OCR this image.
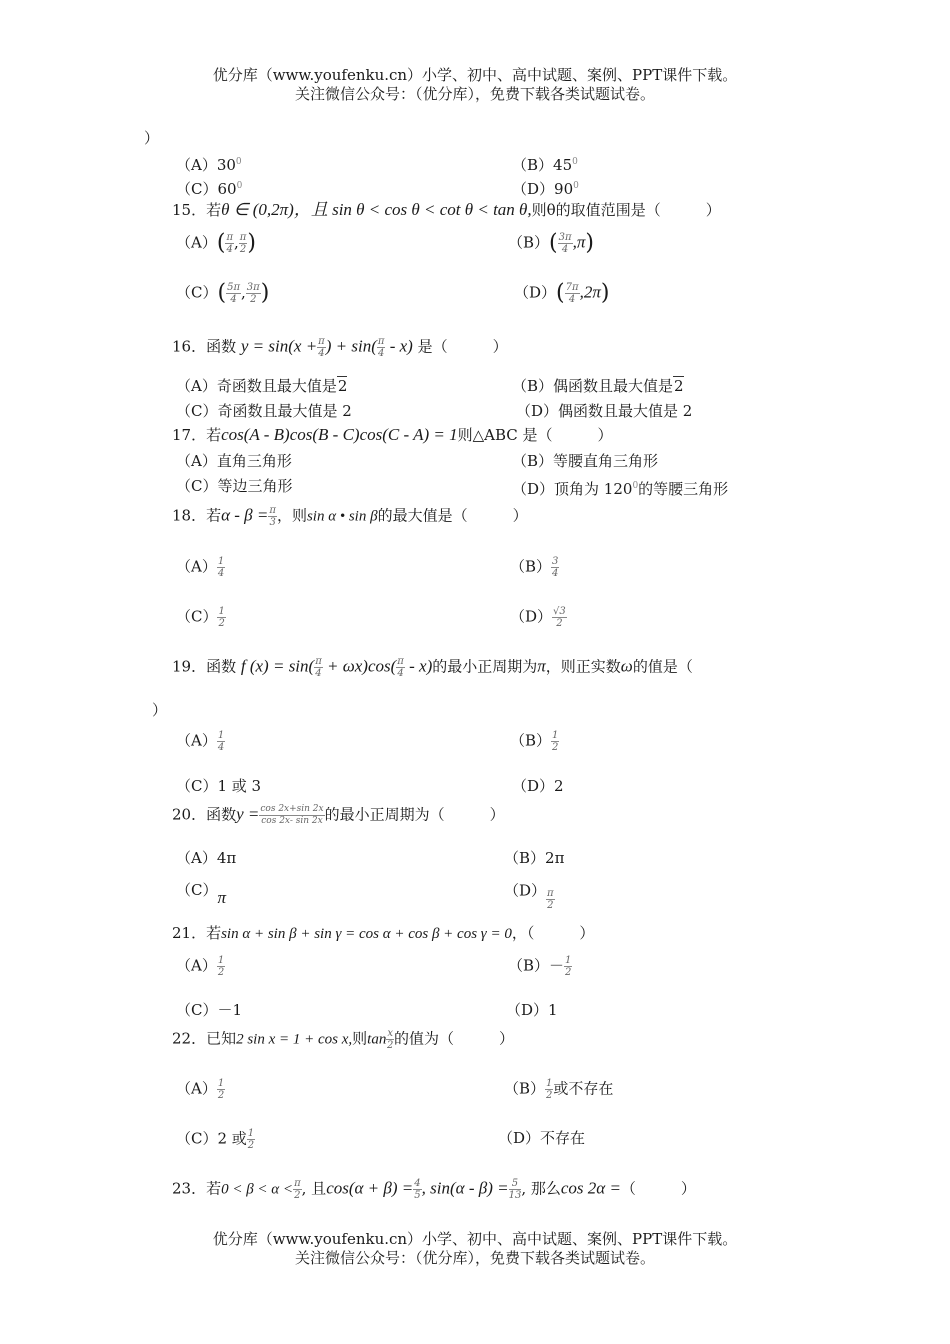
优分库（www.youfenku.cn）小学、初中、高中试题、案例、PPT课件下载。
关注微信公众号：（优分库），免费下载各类试题试卷。
）
$(A)30^0$	$(B)45^0$
$(C)60^0$	$(D)90^0$
15．若θ ∈ (0,2π)，且 sin θ < cos θ < cot θ < tan θ,则θ的取值范围是（　　　）
$(A)( \frac{\pi}{4}$ , $\frac{\pi}{2}$ )	$(B)( \frac{3\pi}{4} ,\pi)$
$(C)( \frac{5\pi}{4}$ , $\frac{3\pi}{2}$ )	$(D)( \frac{7\pi}{4} ,2\pi)$
16．函数 $y = \sin(x + \frac{\pi}{4}$ ) + $\sin( \frac{\pi}{4} - x)$ 是（　　　）
（A）奇函数且最大值是2	（B）偶函数且最大值是2
（C）奇函数且最大值是 2	（D）偶函数且最大值是 2
17．若cos(A - B)cos(B - C)cos(C - A) = 1则△ABC 是（　　　）
（A）直角三角形	（B）等腰直角三角形
（C）等边三角形	（D）顶角为 $120^0$的等腰三角形
18．若$\alpha - \beta = \frac{\pi}{3}$ ，则sin α • sin β的最大值是（　　　）
$(A) \frac{1}{4}$	$(B) \frac{3}{4}$
$(C) \frac{1}{2}$	$(D) \frac{√3}{2}$
19．函数 f $(x) = \sin( \frac{\pi}{4} + \omega x)\cos( \frac{\pi}{4} - x)$的最小正周期为π，则正实数ω的值是（
）
$(A) \frac{1}{4}$	$(B) \frac{1}{2}$
（C）1 或 3	（D）2
20．函数$y = \frac{\cos 2x+\sin 2x}{\cos 2x- \sin 2x}$ 的最小正周期为（　　　）
（A）4π	（B）2π
（C）π	$(D) \frac{\pi}{2}$
21．若sin α + sin β + sin γ = cos α + cos β + cos γ = 0，（　　　）
$(A) \frac{1}{2}$	$(B)- \frac{1}{2}$
（C）－1	（D）1
22．已知2 sin x = 1 + cos x,则$\tan \frac{x}{2}$ 的值为（　　　）
$(A) \frac{1}{2}$	$(B) \frac{1}{2}$ 或不存在
（C）2 或 $\frac{1}{2}$	（D）不存在
23．若$0 < \beta < \alpha < \frac{\pi}{2}$ , 且$\cos(\alpha + \beta) = \frac{4}{5}$ , $\sin(\alpha - \beta) = \frac{5}{13}$ , 那么cos 2α =（　　　）
优分库（www.youfenku.cn）小学、初中、高中试题、案例、PPT课件下载。
关注微信公众号：（优分库），免费下载各类试题试卷。
